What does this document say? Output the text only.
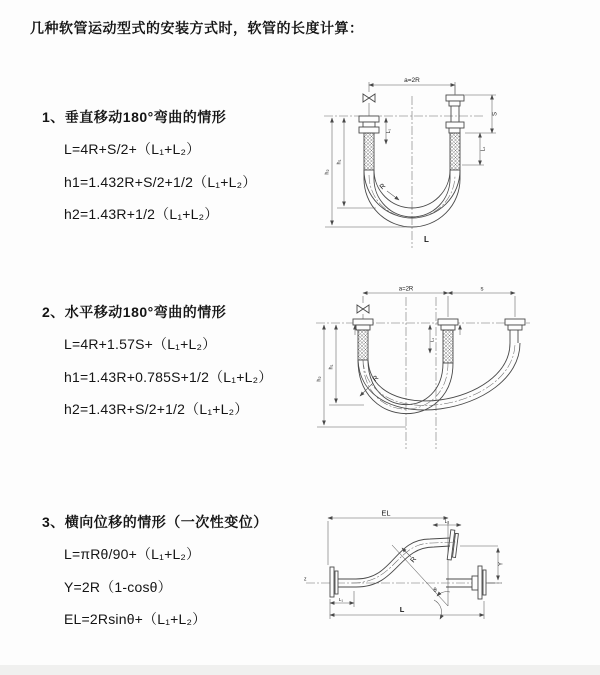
几种软管运动型式的安装方式时，软管的长度计算：
1、垂直移动180°弯曲的情形
L=4R+S/2+（L₁+L₂）
h1=1.432R+S/2+1/2（L₁+L₂）
h2=1.43R+1/2（L₁+L₂）
2、水平移动180°弯曲的情形
L=4R+1.57S+（L₁+L₂）
h1=1.43R+0.785S+1/2（L₁+L₂）
h2=1.43R+S/2+1/2（L₁+L₂）
3、横向位移的情形（一次性变位）
L=πRθ/90+（L₁+L₂）
Y=2R（1-cosθ）
EL=2Rsinθ+（L₁+L₂）
a=2R
L₁
h₁
h₂
R
L
S
L₂
a=2R	s
L₁
h₁
h₂	R
z
EL
L₂
θ
R	Y
L₁
L
